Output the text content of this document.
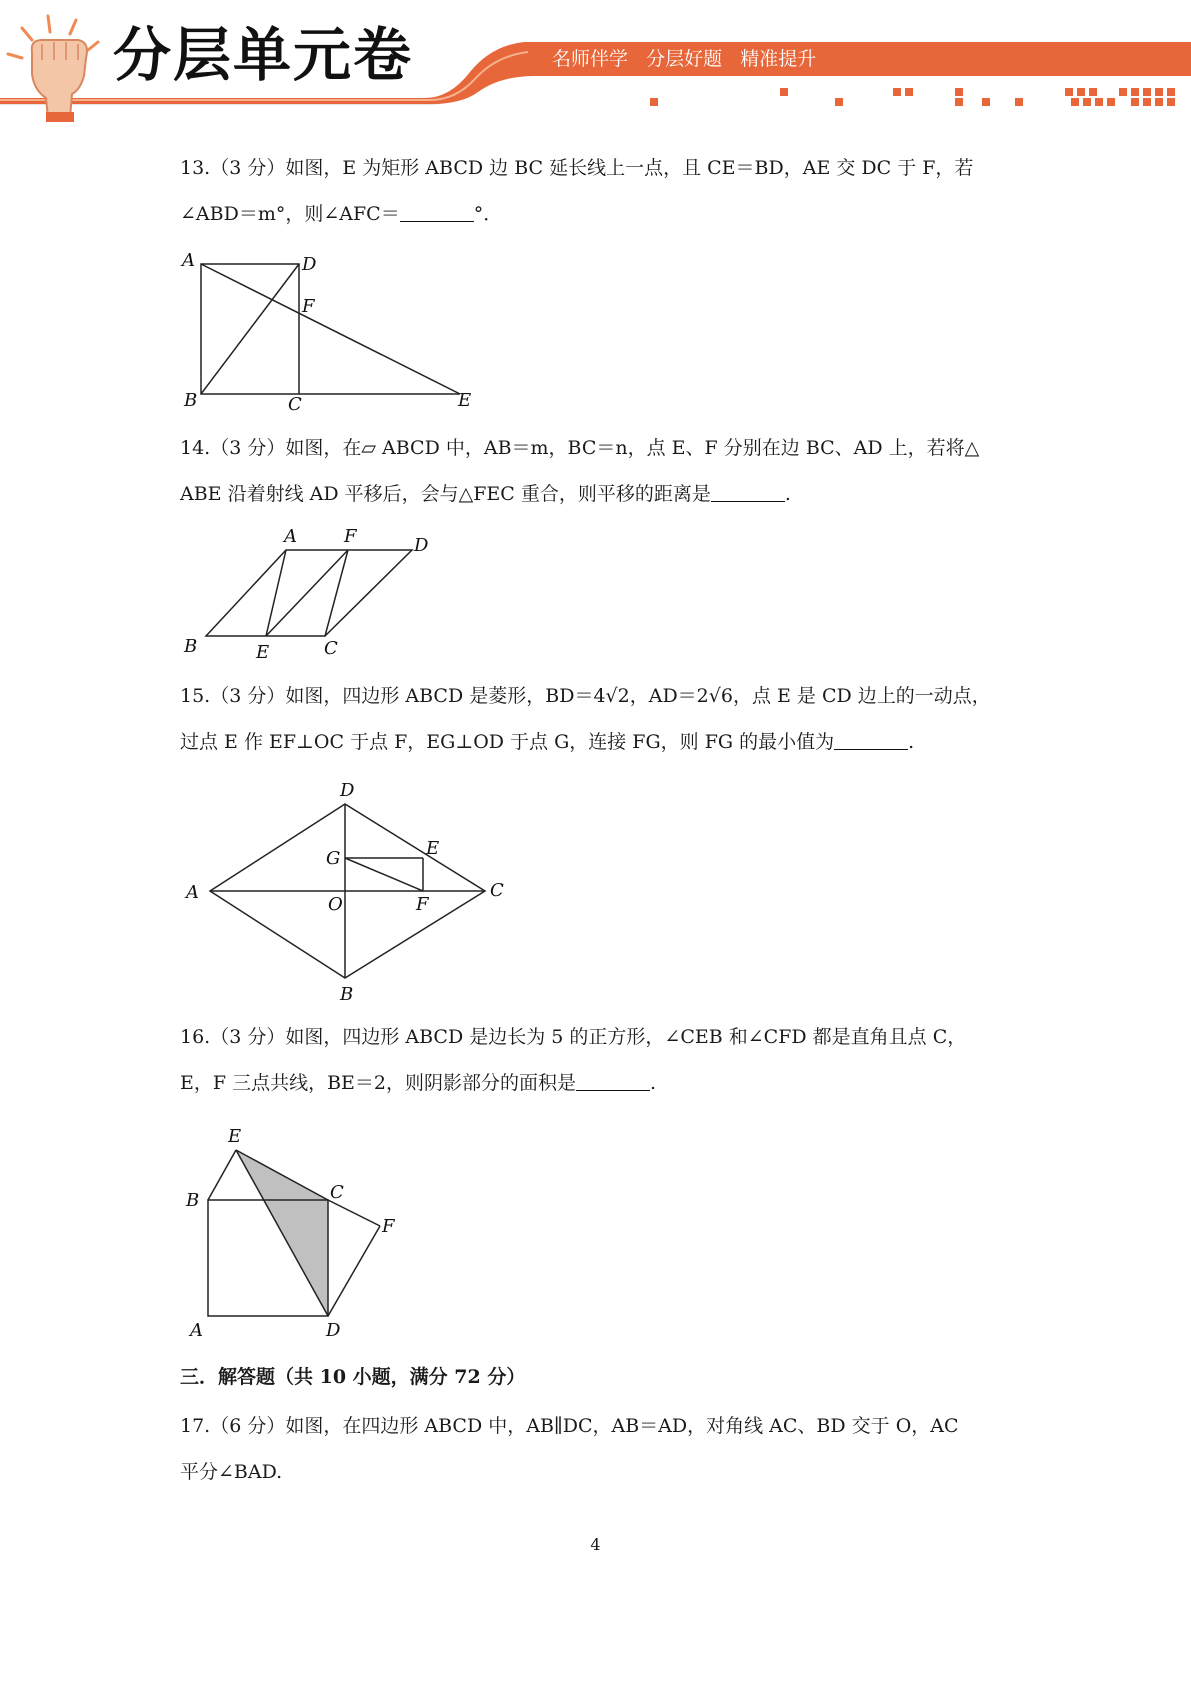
分层单元卷	名师伴学   分层好题   精准提升
13.（3 分）如图，E 为矩形 ABCD 边 BC 延长线上一点，且 CE＝BD，AE 交 DC 于 F，若
∠ABD＝m°，则∠AFC＝	°．
A	D
F
B	C	E
14.（3 分）如图，在▱ ABCD 中，AB＝m，BC＝n，点 E、F 分别在边 BC、AD 上，若将△
ABE 沿着射线 AD 平移后，会与△FEC 重合，则平移的距离是	.
A	F	D
B	E	C
15.（3 分）如图，四边形 ABCD 是菱形，BD＝4√2，AD＝2√6，点 E 是 CD 边上的一动点，
过点 E 作 EF⊥OC 于点 F，EG⊥OD 于点 G，连接 FG，则 FG 的最小值为	.
D
G	E
A
O	F
C
B
16.（3 分）如图，四边形 ABCD 是边长为 5 的正方形，∠CEB 和∠CFD 都是直角且点 C，
E，F 三点共线，BE＝2，则阴影部分的面积是	.
E
B	C
F
A	D
三．解答题（共 10 小题，满分 72 分）
17.（6 分）如图，在四边形 ABCD 中，AB∥DC，AB＝AD，对角线 AC、BD 交于 O，AC
平分∠BAD.
4
